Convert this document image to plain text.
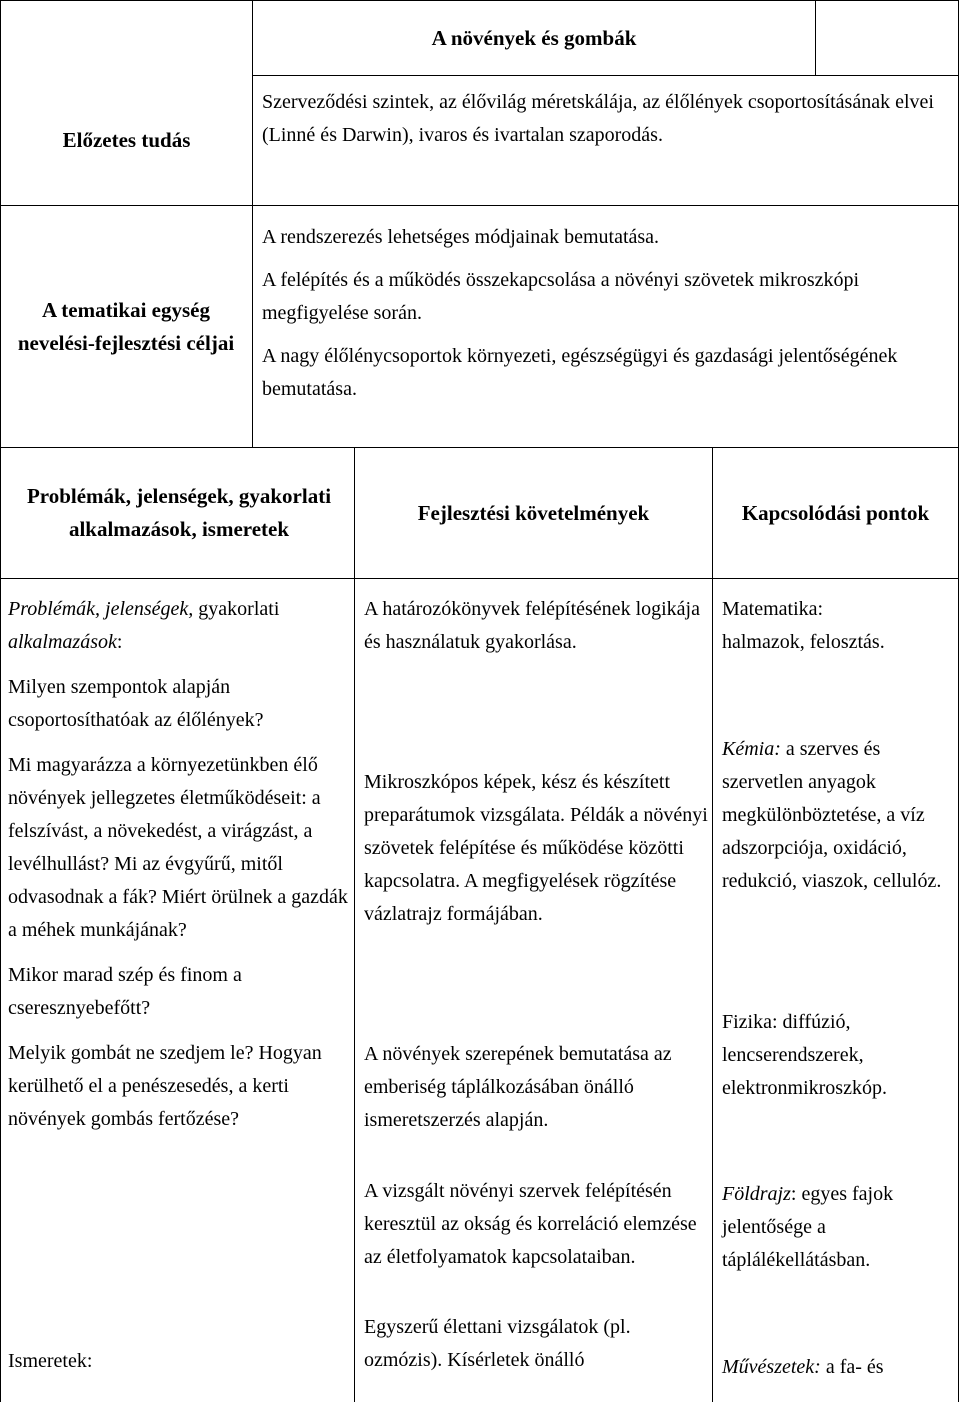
A növények és gombák
Előzetes tudás
Szerveződési szintek, az élővilág méretskálája, az élőlények csoportosításának elvei (Linné és Darwin), ivaros és ivartalan szaporodás.
A tematikai egység nevelési-fejlesztési céljai

A rendszerezés lehetséges módjainak bemutatása.

A felépítés és a működés összekapcsolása a növényi szövetek mikroszkópi megfigyelése során.

A nagy élőlénycsoportok környezeti, egészségügyi és gazdasági jelentőségének bemutatása.

Problémák, jelenségek, gyakorlati alkalmazások, ismeretek
Fejlesztési követelmények	Kapcsolódási pontok

Problémák, jelenségek, gyakorlati alkalmazások:

Milyen szempontok alapján csoportosíthatóak az élőlények?

Mi magyarázza a környezetünkben élő növények jellegzetes életműködéseit: a felszívást, a növekedést, a virágzást, a levélhullást? Mi az évgyűrű, mitől odvasodnak a fák? Miért örülnek a gazdák a méhek munkájának?

Mikor marad szép és finom a cseresznyebefőtt?

Melyik gombát ne szedjem le? Hogyan kerülhető el a penészesedés, a kerti növények gombás fertőzése?

Ismeretek:
A határozókönyvek felépítésének logikája és használatuk gyakorlása.
Mikroszkópos képek, kész és készített preparátumok vizsgálata. Példák a növényi szövetek felépítése és működése közötti kapcsolatra. A megfigyelések rögzítése vázlatrajz formájában.
A növények szerepének bemutatása az emberiség táplálkozásában önálló ismeretszerzés alapján.
A vizsgált növényi szervek felépítésén keresztül az okság és korreláció elemzése az életfolyamatok kapcsolataiban.
Egyszerű élettani vizsgálatok (pl. ozmózis). Kísérletek önálló
Matematika:
halmazok, felosztás.
Kémia: a szerves és szervetlen anyagok megkülönböztetése, a víz adszorpciója, oxidáció, redukció, viaszok, cellulóz.
Fizika: diffúzió, lencserendszerek, elektronmikroszkóp.
Földrajz: egyes fajok jelentősége a táplálékellátásban.
Művészetek: a fa- és
